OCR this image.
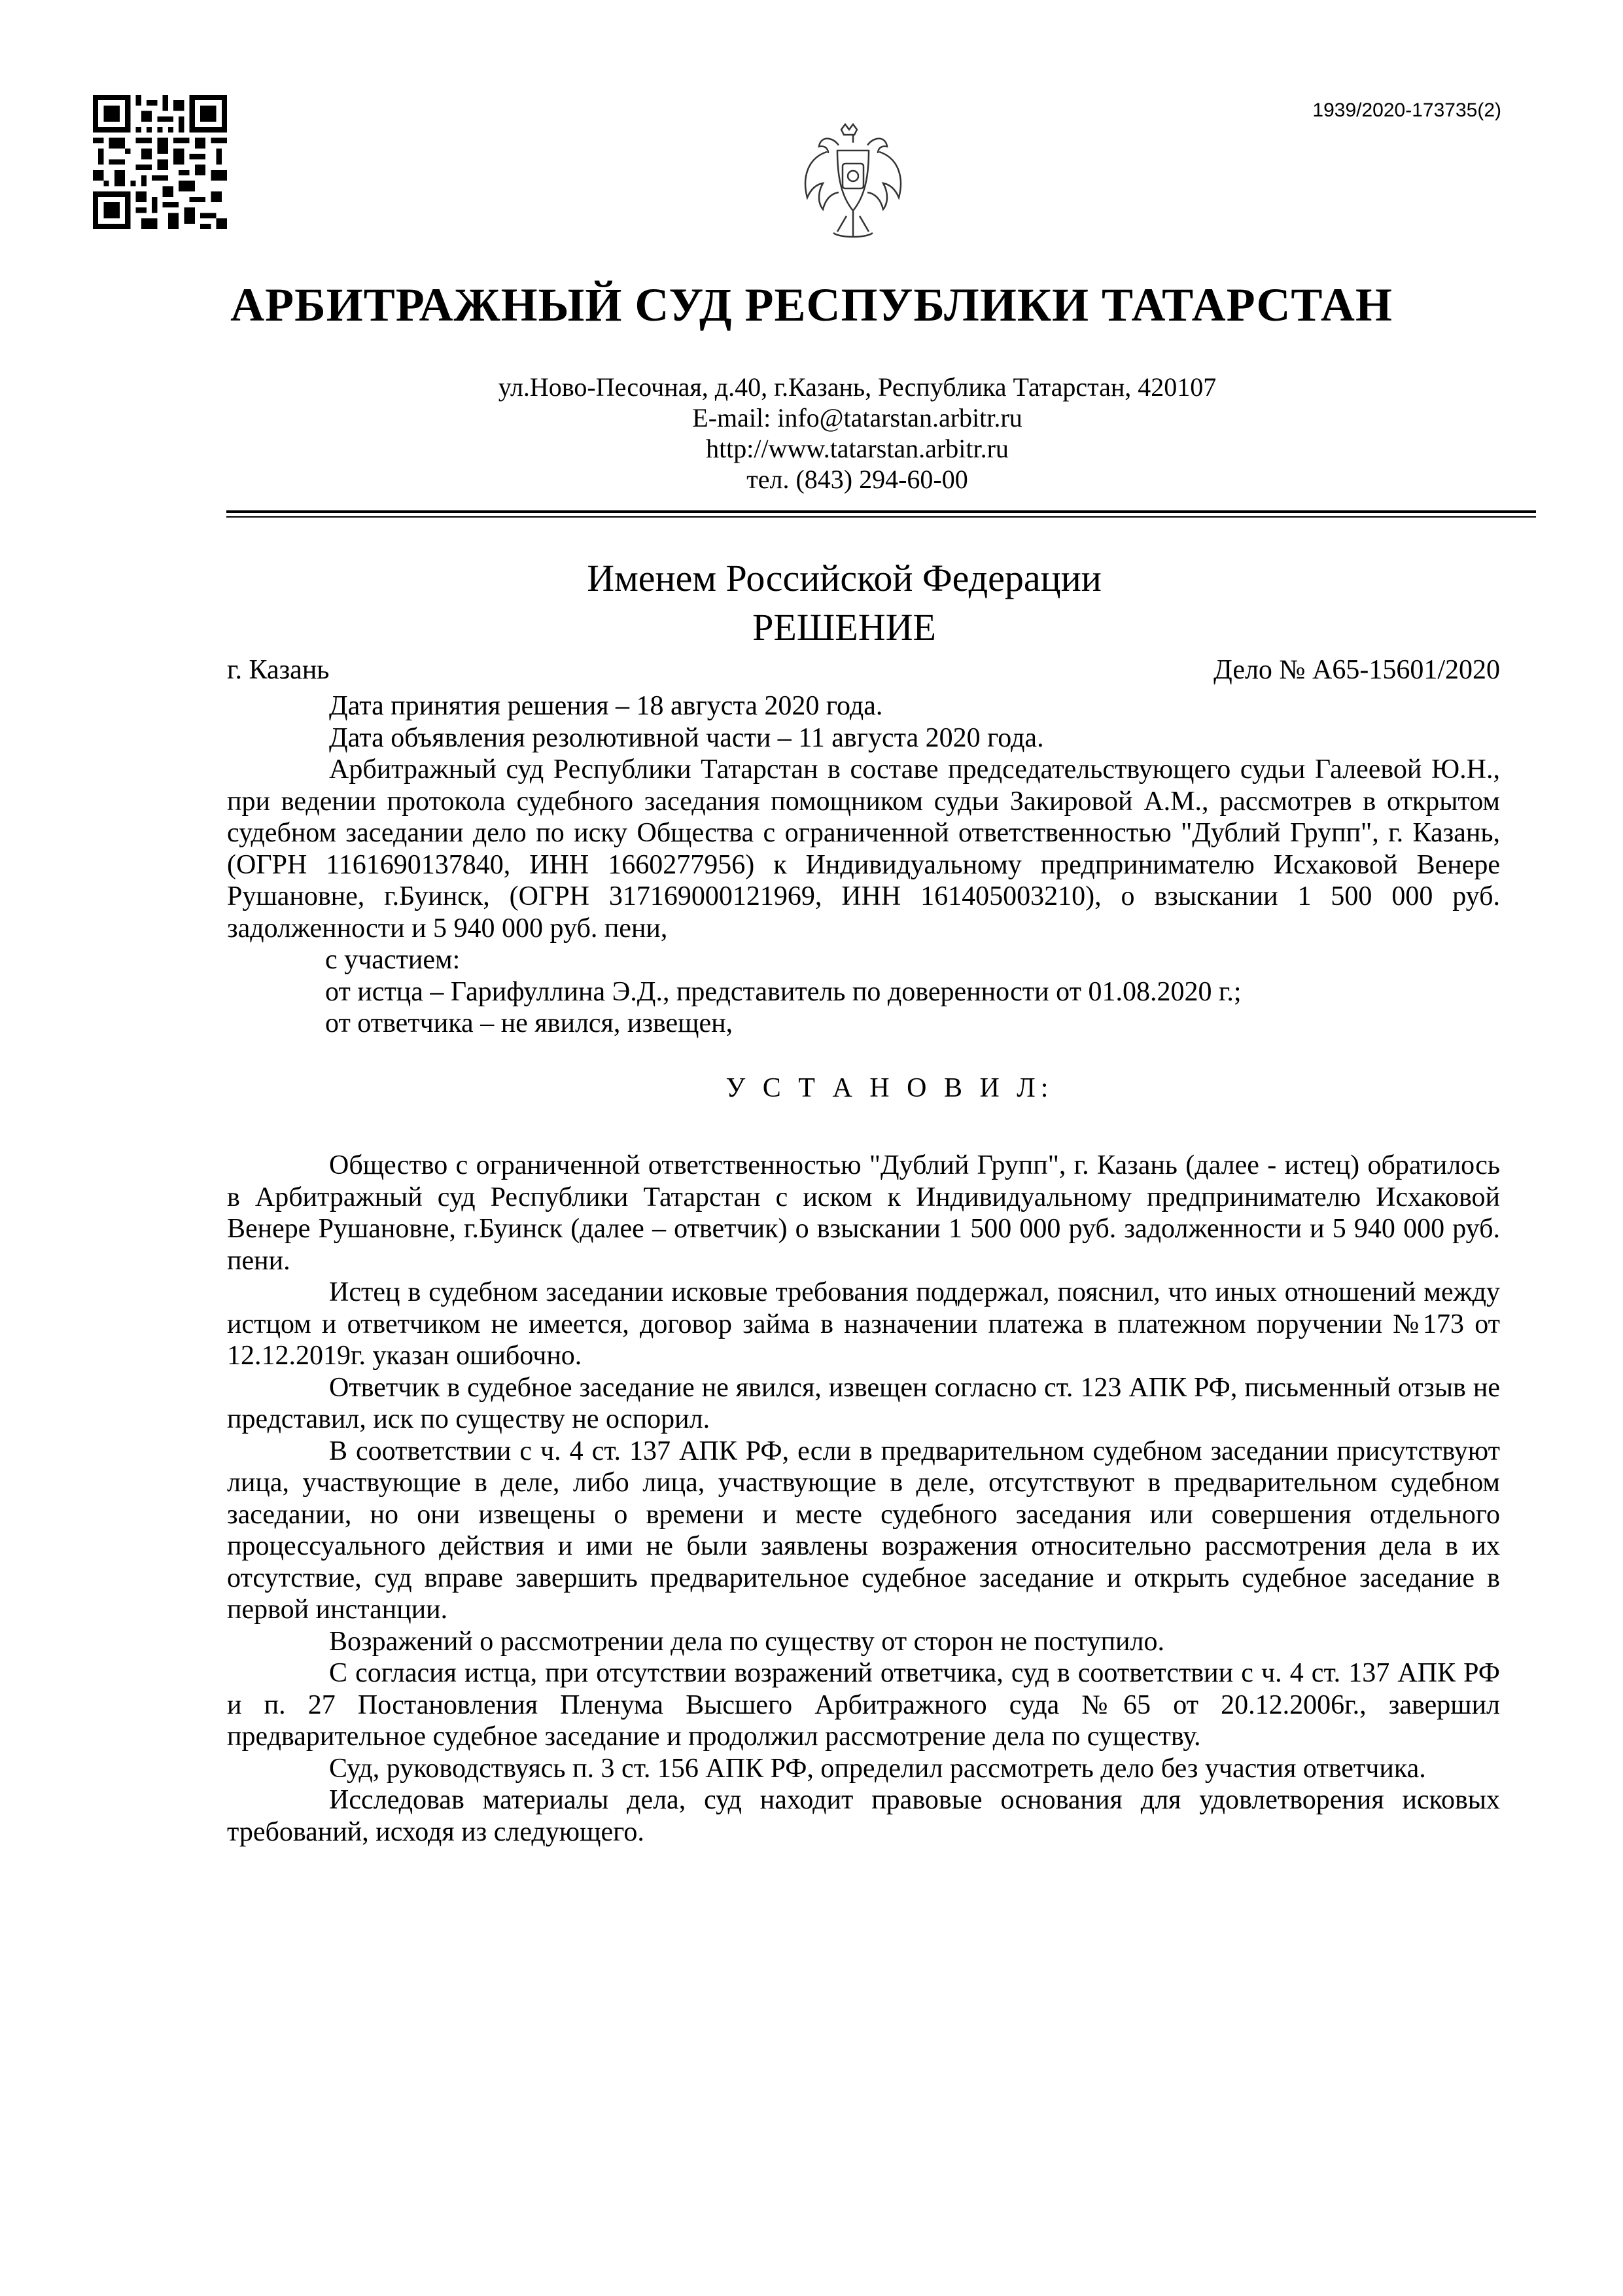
1939/2020-173735(2)
АРБИТРАЖНЫЙ СУД РЕСПУБЛИКИ ТАТАРСТАН
ул.Ново-Песочная, д.40, г.Казань, Республика Татарстан, 420107
E-mail: info@tatarstan.arbitr.ru
http://www.tatarstan.arbitr.ru
тел. (843) 294-60-00
Именем Российской Федерации
РЕШЕНИЕ
г. Казань	Дело № А65-15601/2020

Дата принятия решения – 18 августа 2020 года.

Дата объявления резолютивной части – 11 августа 2020 года.

Арбитражный суд Республики Татарстан в составе председательствующего судьи Галеевой Ю.Н., при ведении протокола судебного заседания помощником судьи Закировой А.М., рассмотрев в открытом судебном заседании дело по иску Общества с ограниченной ответственностью "Дублий Групп", г. Казань, (ОГРН 1161690137840, ИНН 1660277956) к Индивидуальному предпринимателю Исхаковой Венере Рушановне, г.Буинск, (ОГРН 317169000121969, ИНН 161405003210), о взыскании 1 500 000 руб. задолженности и 5 940 000 руб. пени,

с участием:

от истца – Гарифуллина Э.Д., представитель по доверенности от 01.08.2020 г.;

от ответчика – не явился, извещен,

У С Т А Н О В И Л:

Общество с ограниченной ответственностью "Дублий Групп", г. Казань (далее - истец) обратилось в Арбитражный суд Республики Татарстан с иском к Индивидуальному предпринимателю Исхаковой Венере Рушановне, г.Буинск (далее – ответчик) о взыскании 1 500 000 руб. задолженности и 5 940 000 руб. пени.

Истец в судебном заседании исковые требования поддержал, пояснил, что иных отношений между истцом и ответчиком не имеется, договор займа в назначении платежа в платежном поручении №173 от 12.12.2019г. указан ошибочно.

Ответчик в судебное заседание не явился, извещен согласно ст. 123 АПК РФ, письменный отзыв не представил, иск по существу не оспорил.

В соответствии с ч. 4 ст. 137 АПК РФ, если в предварительном судебном заседании присутствуют лица, участвующие в деле, либо лица, участвующие в деле, отсутствуют в предварительном судебном заседании, но они извещены о времени и месте судебного заседания или совершения отдельного процессуального действия и ими не были заявлены возражения относительно рассмотрения дела в их отсутствие, суд вправе завершить предварительное судебное заседание и открыть судебное заседание в первой инстанции.

Возражений о рассмотрении дела по существу от сторон не поступило.

С согласия истца, при отсутствии возражений ответчика, суд в соответствии с ч. 4 ст. 137 АПК РФ и п. 27 Постановления Пленума Высшего Арбитражного суда №65 от 20.12.2006г., завершил предварительное судебное заседание и продолжил рассмотрение дела по существу.

Суд, руководствуясь п. 3 ст. 156 АПК РФ, определил рассмотреть дело без участия ответчика.

Исследовав материалы дела, суд находит правовые основания для удовлетворения исковых требований, исходя из следующего.
